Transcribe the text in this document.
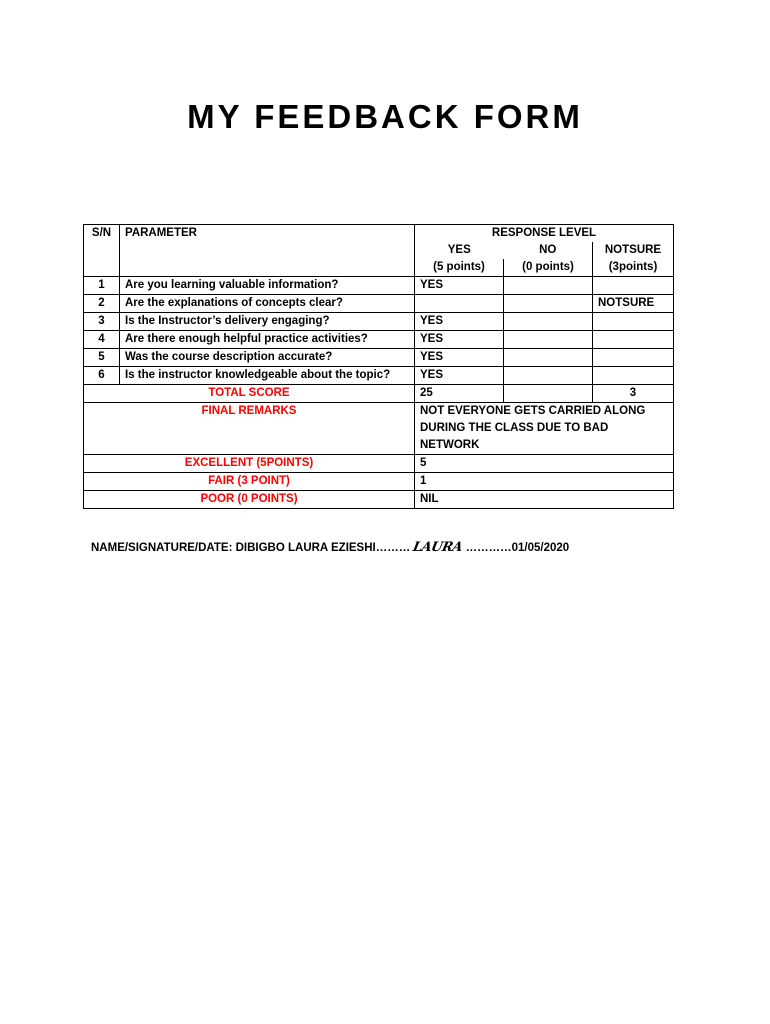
MY FEEDBACK FORM
S/N	PARAMETER	RESPONSE LEVEL		
		YES	NO	NOTSURE
		(5 points)	(0 points)	(3points)
1	Are you learning valuable information?	YES		
2	Are the explanations of concepts clear?			NOTSURE
3	Is the Instructor’s delivery engaging?	YES		
4	Are there enough helpful practice activities?	YES		
5	Was the course description accurate?	YES		
6	Is the instructor knowledgeable about the topic?	YES		
TOTAL SCORE		25		3
FINAL REMARKS		NOT EVERYONE GETS CARRIED ALONG DURING THE CLASS DUE TO BAD NETWORK		
EXCELLENT (5POINTS)		5		
FAIR (3 POINT)		1		
POOR (0 POINTS)		NIL		
NAME/SIGNATURE/DATE: DIBIGBO LAURA EZIESHI……… LAURA …………01/05/2020
